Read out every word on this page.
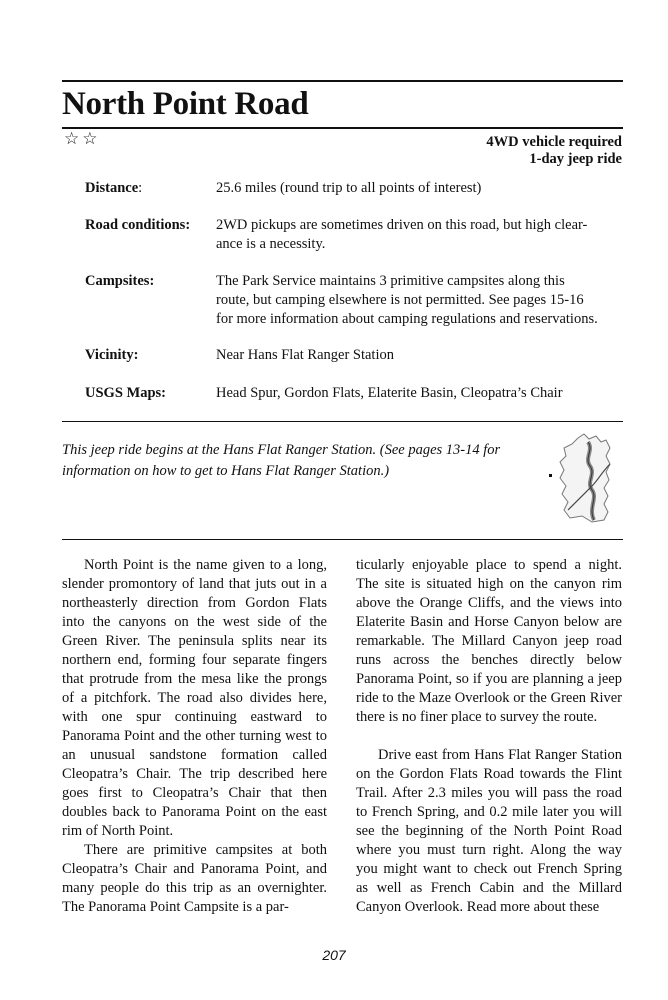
North Point Road
☆☆	4WD vehicle required
1-day jeep ride
Distance:	25.6 miles (round trip to all points of interest)
Road conditions: 2WD pickups are sometimes driven on this road, but high clear-
ance is a necessity.
Campsites:	The Park Service maintains 3 primitive campsites along this
route, but camping elsewhere is not permitted. See pages 15-16
for more information about camping regulations and reservations.
Vicinity:	Near Hans Flat Ranger Station
USGS Maps:	Head Spur, Gordon Flats, Elaterite Basin, Cleopatra’s Chair
This jeep ride begins at the Hans Flat Ranger Station. (See pages 13-14 for
information on how to get to Hans Flat Ranger Station.)

North Point is the name given to a long, slender promontory of land that juts out in a northeasterly direction from Gordon Flats into the canyons on the west side of the Green River. The peninsula splits near its northern end, forming four separate fingers that protrude from the mesa like the prongs of a pitchfork. The road also divides here, with one spur continuing eastward to Panorama Point and the other turning west to an unusual sandstone formation called Cleopatra’s Chair. The trip described here goes first to Cleopatra’s Chair that then doubles back to Panorama Point on the east rim of North Point.

There are primitive campsites at both Cleopatra’s Chair and Panorama Point, and many people do this trip as an overnighter. The Panorama Point Campsite is a par-

ticularly enjoyable place to spend a night. The site is situated high on the canyon rim above the Orange Cliffs, and the views into Elaterite Basin and Horse Canyon below are remarkable. The Millard Canyon jeep road runs across the benches directly below Panorama Point, so if you are planning a jeep ride to the Maze Overlook or the Green River there is no finer place to survey the route.

Drive east from Hans Flat Ranger Station on the Gordon Flats Road towards the Flint Trail. After 2.3 miles you will pass the road to French Spring, and 0.2 mile later you will see the beginning of the North Point Road where you must turn right. Along the way you might want to check out French Spring as well as French Cabin and the Millard Canyon Overlook. Read more about these

207
